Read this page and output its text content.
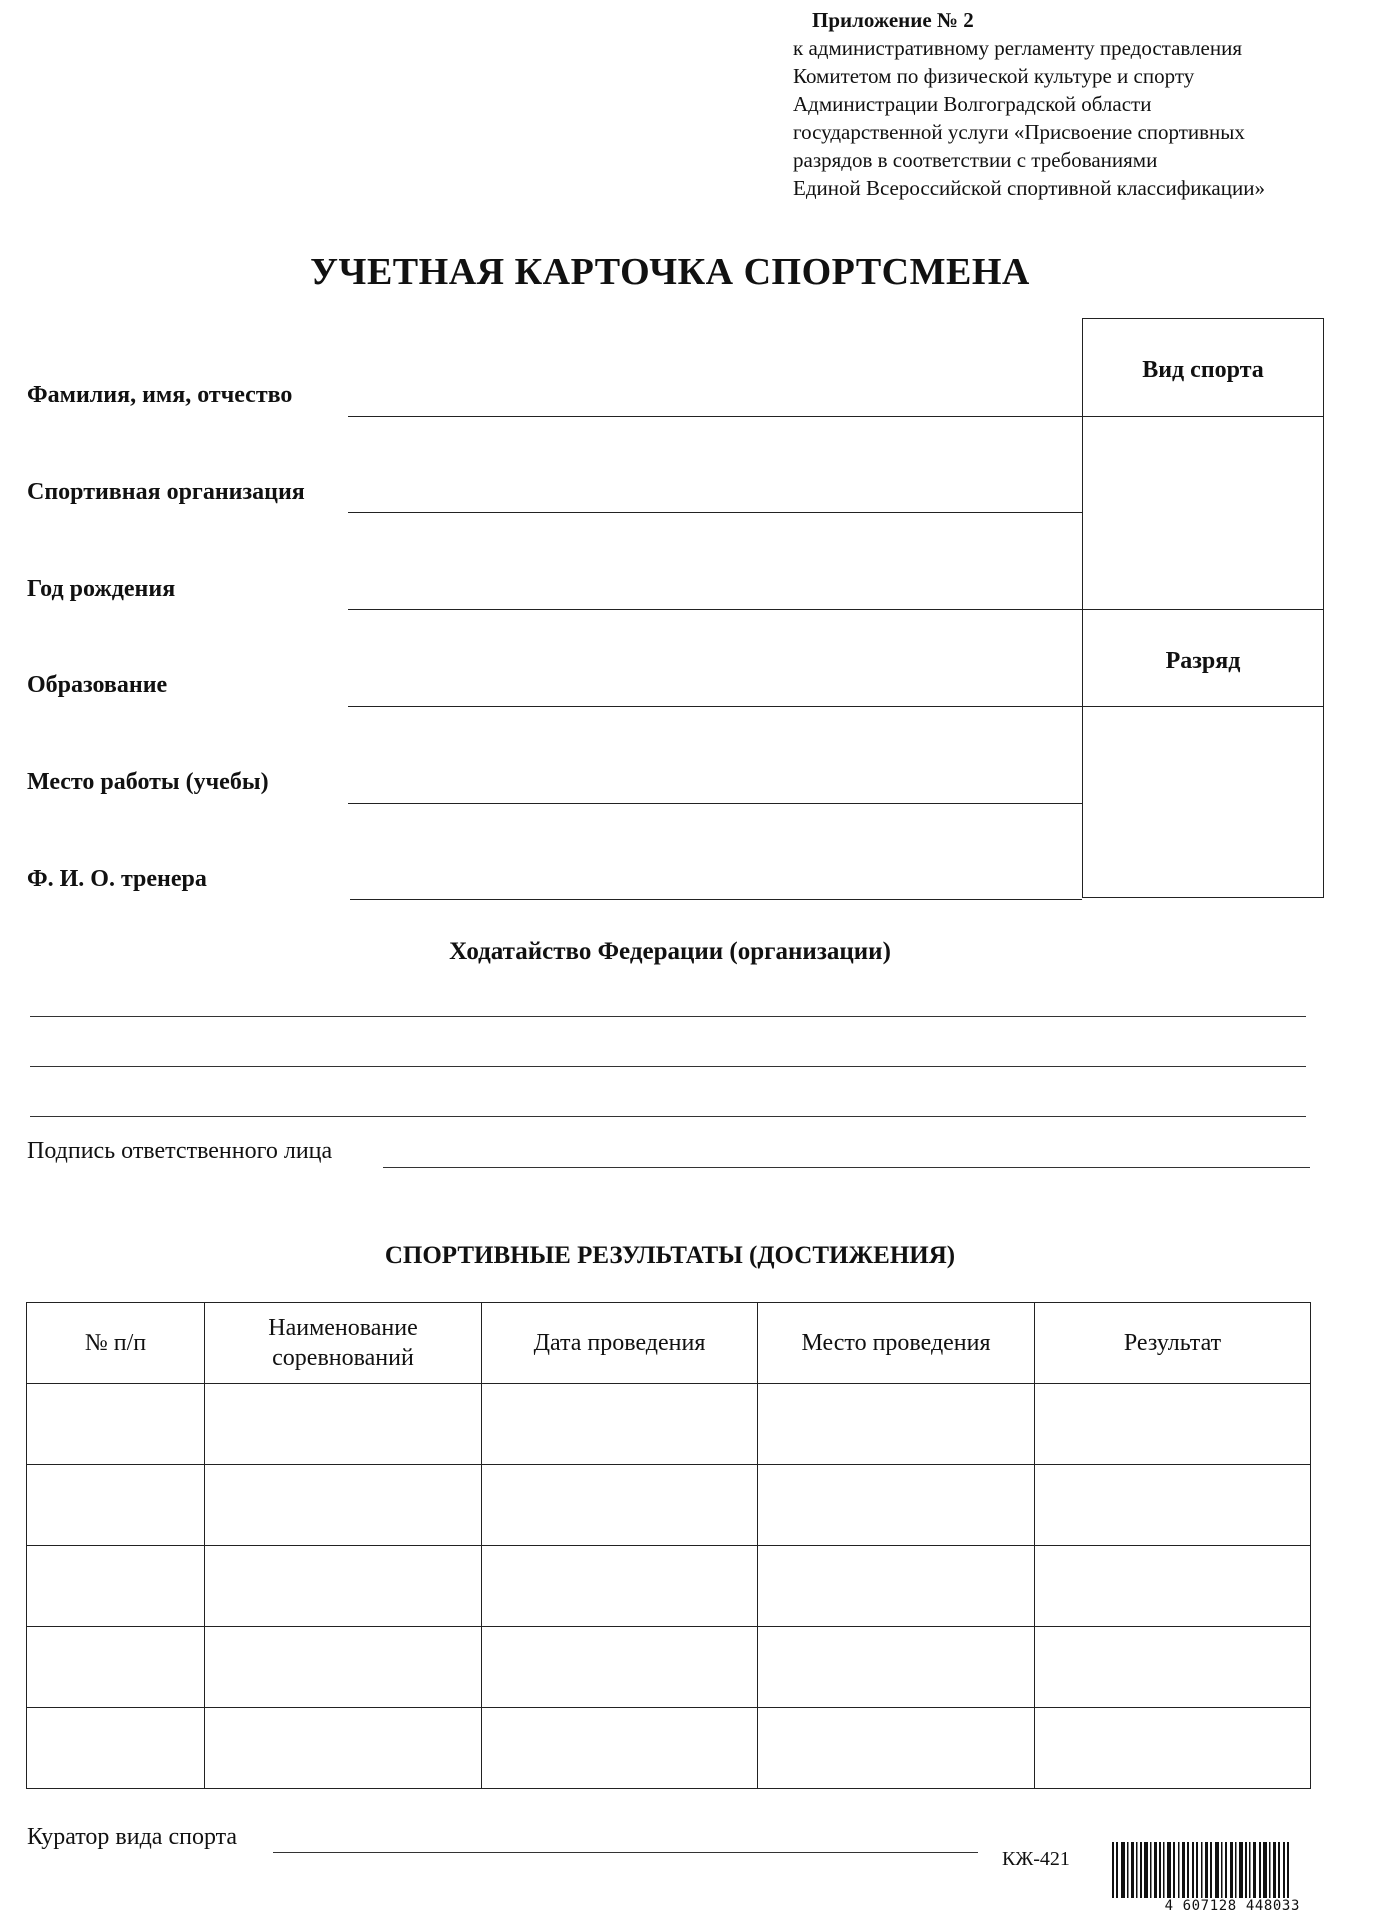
Приложение № 2
к административному регламенту предоставления
Комитетом по физической культуре и спорту
Администрации Волгоградской области
государственной услуги «Присвоение спортивных
разрядов в соответствии с требованиями
Единой Всероссийской спортивной классификации»
УЧЕТНАЯ КАРТОЧКА СПОРТСМЕНА
Фамилия, имя, отчество
Спортивная организация
Год рождения
Образование
Место работы (учебы)
Ф. И. О. тренера
Вид спорта
Разряд
Ходатайство Федерации (организации)
Подпись ответственного лица
СПОРТИВНЫЕ РЕЗУЛЬТАТЫ (ДОСТИЖЕНИЯ)
№ п/п	Наименование соревнований	Дата проведения	Место проведения	Результат

Куратор вида спорта
КЖ-421
4 607128 448033
